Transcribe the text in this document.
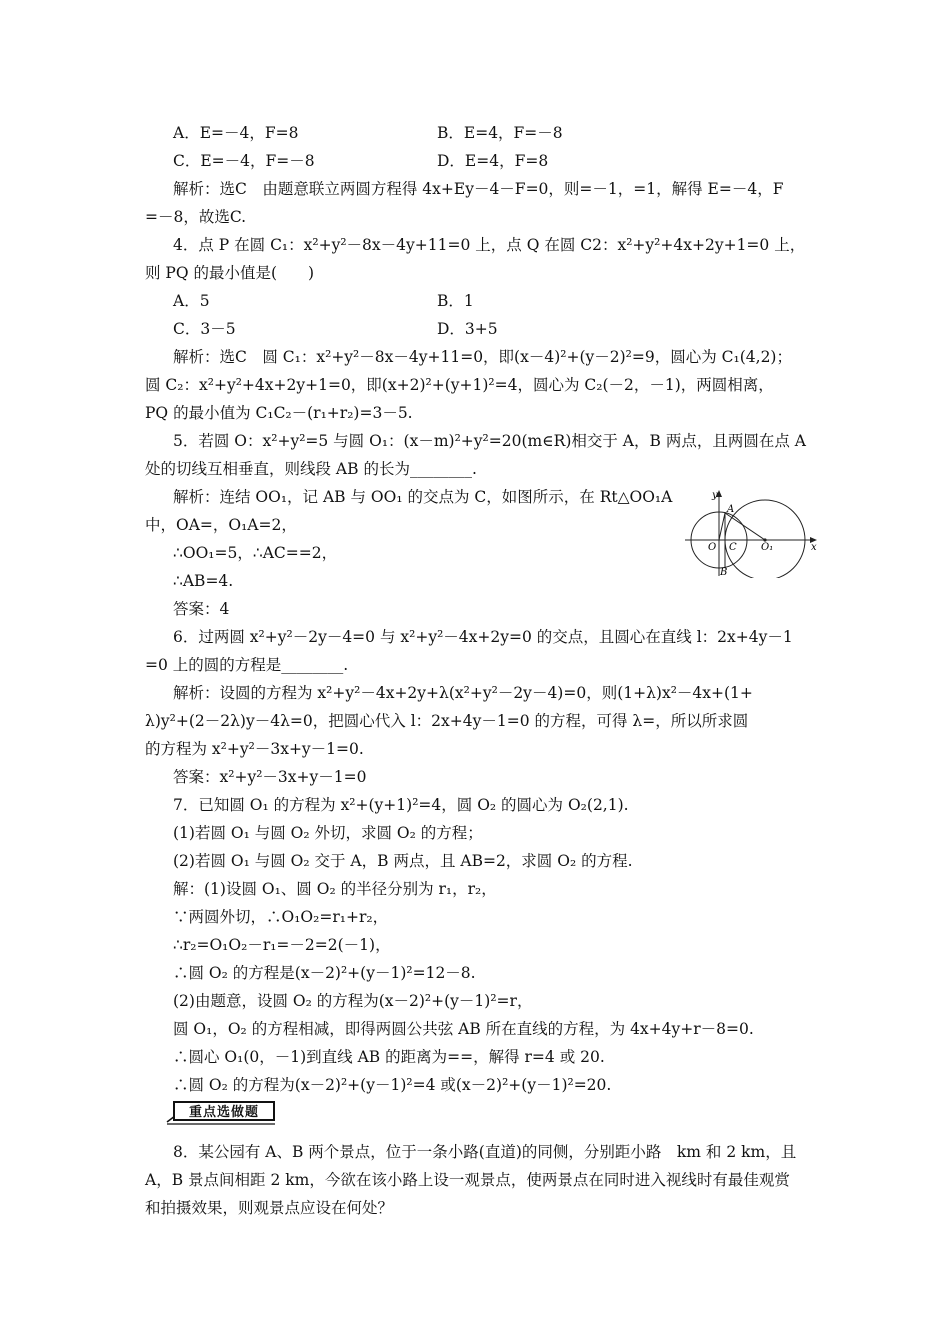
A．E=－4，F=8	B．E=4，F=－8
C．E=－4，F=－8	D．E=4，F=8
解析：选C　由题意联立两圆方程得 4x+Ey－4－F=0，则=－1，=1，解得 E=－4，F
=－8，故选C.
4．点 P 在圆 C₁：x²+y²－8x－4y+11=0 上，点 Q 在圆 C2：x²+y²+4x+2y+1=0 上，
则 PQ 的最小值是(　　)
A．5	B．1
C．3－5	D．3+5
解析：选C　圆 C₁：x²+y²－8x－4y+11=0，即(x－4)²+(y－2)²=9，圆心为 C₁(4,2)；
圆 C₂：x²+y²+4x+2y+1=0，即(x+2)²+(y+1)²=4，圆心为 C₂(－2，－1)，两圆相离，
PQ 的最小值为 C₁C₂－(r₁+r₂)=3－5.
5．若圆 O：x²+y²=5 与圆 O₁：(x－m)²+y²=20(m∈R)相交于 A，B 两点，且两圆在点 A
处的切线互相垂直，则线段 AB 的长为________.
解析：连结 OO₁，记 AB 与 OO₁ 的交点为 C，如图所示，在 Rt△OO₁A
中，OA=，O₁A=2，
∴OO₁=5，∴AC==2，
∴AB=4.
答案：4
y
x
A
B
O C O₁
6．过两圆 x²+y²－2y－4=0 与 x²+y²－4x+2y=0 的交点，且圆心在直线 l：2x+4y－1
=0 上的圆的方程是________.
解析：设圆的方程为 x²+y²－4x+2y+λ(x²+y²－2y－4)=0，则(1+λ)x²－4x+(1+
λ)y²+(2－2λ)y－4λ=0，把圆心代入 l：2x+4y－1=0 的方程，可得 λ=，所以所求圆
的方程为 x²+y²－3x+y－1=0.
答案：x²+y²－3x+y－1=0
7．已知圆 O₁ 的方程为 x²+(y+1)²=4，圆 O₂ 的圆心为 O₂(2,1).
(1)若圆 O₁ 与圆 O₂ 外切，求圆 O₂ 的方程；
(2)若圆 O₁ 与圆 O₂ 交于 A，B 两点，且 AB=2，求圆 O₂ 的方程.
解：(1)设圆 O₁、圆 O₂ 的半径分别为 r₁，r₂，
∵两圆外切，∴O₁O₂=r₁+r₂，
∴r₂=O₁O₂－r₁=－2=2(－1)，
∴圆 O₂ 的方程是(x－2)²+(y－1)²=12－8.
(2)由题意，设圆 O₂ 的方程为(x－2)²+(y－1)²=r，
圆 O₁，O₂ 的方程相减，即得两圆公共弦 AB 所在直线的方程，为 4x+4y+r－8=0.
∴圆心 O₁(0，－1)到直线 AB 的距离为==，解得 r=4 或 20.
∴圆 O₂ 的方程为(x－2)²+(y－1)²=4 或(x－2)²+(y－1)²=20.
重点选做题
8．某公园有 A、B 两个景点，位于一条小路(直道)的同侧，分别距小路　km 和 2 km，且
A，B 景点间相距 2 km，今欲在该小路上设一观景点，使两景点在同时进入视线时有最佳观赏
和拍摄效果，则观景点应设在何处？
